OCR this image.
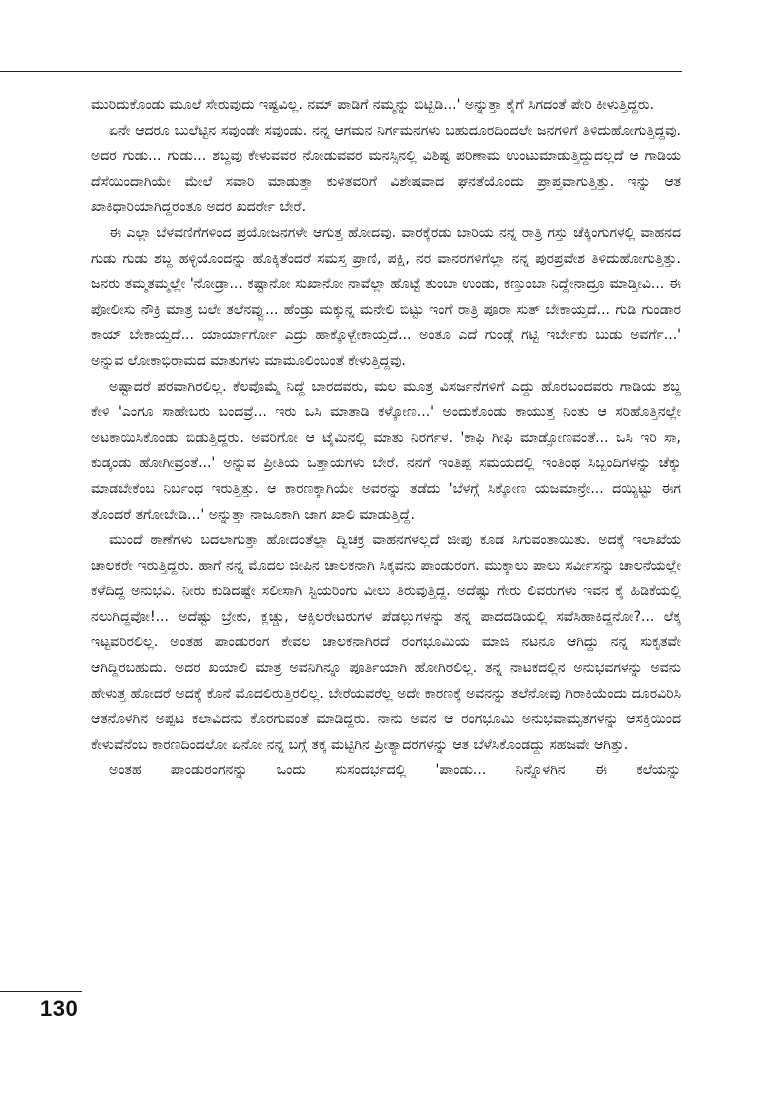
ಮುರಿದುಕೊಂಡು ಮೂಲೆ ಸೇರುವುದು ಇಷ್ಟವಿಲ್ಲ. ನಮ್ ಪಾಡಿಗೆ ನಮ್ಮನ್ನು ಬಿಟ್ಬಿಡಿ...' ಅನ್ನುತ್ತಾ ಕೈಗೆ ಸಿಗದಂತೆ ಪೇರಿ ಕೀಳುತ್ತಿದ್ದರು.

ಏನೇ ಆದರೂ ಬುಲೆಟ್ಟಿನ ಸವುಂಡೇ ಸವುಂಡು. ನನ್ನ ಆಗಮನ ನಿರ್ಗಮನಗಳು ಬಹುದೂರದಿಂದಲೇ ಜನಗಳಿಗೆ ತಿಳಿದುಹೋಗುತ್ತಿದ್ದವು. ಅದರ ಗುಡು... ಗುಡು... ಶಬ್ದವು ಕೇಳುವವರ ನೋಡುವವರ ಮನಸ್ಸಿನಲ್ಲಿ ವಿಶಿಷ್ಟ ಪರಿಣಾಮ ಉಂಟುಮಾಡುತ್ತಿದ್ದುದಲ್ಲದೆ ಆ ಗಾಡಿಯ ದೆಸೆಯಿಂದಾಗಿಯೇ ಮೇಲೆ ಸವಾರಿ ಮಾಡುತ್ತಾ ಕುಳಿತವರಿಗೆ ವಿಶೇಷವಾದ ಘನತೆಯೊಂದು ಪ್ರಾಪ್ತವಾಗುತ್ತಿತ್ತು. ಇನ್ನು ಆತ ಖಾಕಿಧಾರಿಯಾಗಿದ್ದರಂತೂ ಅದರ ಖದರ್ರೇ ಬೇರೆ.

ಈ ಎಲ್ಲಾ ಬೆಳವಣಿಗೆಗಳಿಂದ ಪ್ರಯೋಜನಗಳೇ ಆಗುತ್ತ ಹೋದವು. ವಾರಕ್ಕೆರಡು ಬಾರಿಯ ನನ್ನ ರಾತ್ರಿ ಗಸ್ತು ಚೆಕ್ಕಿಂಗುಗಳಲ್ಲಿ ವಾಹನದ ಗುಡು ಗುಡು ಶಬ್ದ ಹಳ್ಳಿಯೊಂದನ್ನು ಹೊಕ್ಕಿತೆಂದರೆ ಸಮಸ್ತ ಪ್ರಾಣಿ, ಪಕ್ಷಿ, ನರ ವಾನರಗಳಿಗೆಲ್ಲಾ ನನ್ನ ಪುರಪ್ರವೇಶ ತಿಳಿದುಹೋಗುತ್ತಿತ್ತು. ಜನರು ತಮ್ಮತಮ್ಮಲ್ಲೇ 'ನೋಡ್ರಾ... ಕಷ್ಟಾನೋ ಸುಖಾನೋ ನಾವೆಲ್ಲಾ ಹೊಟ್ಟೆ ತುಂಬಾ ಉಂಡು, ಕಣ್ತುಂಬಾ ನಿದ್ದೇನಾದ್ರೂ ಮಾಡ್ತೀವಿ... ಈ ಪೋಲೀಸು ನೌಕ್ರಿ ಮಾತ್ರ ಬಲೇ ತಲೆನವ್ವು... ಹೆಂಡ್ರು ಮಕ್ಕುನ್ನ ಮನೇಲಿ ಬಿಟ್ಟು ಇಂಗೆ ರಾತ್ರಿ ಪೂರಾ ಸುತ್ ಬೇಕಾಯ್ತದೆ... ಗುಡಿ ಗುಂಡಾರ ಕಾಯ್ ಬೇಕಾಯ್ತದೆ... ಯಾರ್ಯಾರ್ಗೋ ಎದ್ರು ಹಾಕ್ಕೊಳ್ಬೇಕಾಯ್ತದೆ... ಅಂತೂ ಎದೆ ಗುಂಡ್ಗೆ ಗಟ್ಟಿ ಇರ್ಬೇಕು ಬುಡು ಅವರ್ಗೆ...' ಅನ್ನುವ ಲೋಕಾಭಿರಾಮದ ಮಾತುಗಳು ಮಾಮೂಲಿಂಬಂತೆ ಕೇಳುತ್ತಿದ್ದವು.

ಅಷ್ಟಾದರೆ ಪರವಾಗಿರಲಿಲ್ಲ. ಕೆಲವೊಮ್ಮೆ ನಿದ್ದೆ ಬಾರದವರು, ಮಲ ಮೂತ್ರ ವಿಸರ್ಜನೆಗಳಿಗೆ ಎದ್ದು ಹೊರಬಂದವರು ಗಾಡಿಯ ಶಬ್ದ ಕೇಳಿ 'ಎಂಗೂ ಸಾಹೇಬರು ಬಂದವ್ರೆ... ಇರು ಒಸಿ ಮಾತಾಡಿ ಕಳ್ಕೋಣ...' ಅಂದುಕೊಂಡು ಕಾಯುತ್ತ ನಿಂತು ಆ ಸರಿಹೊತ್ತಿನಲ್ಲೇ ಅಟಕಾಯಿಸಿಕೊಂಡು ಬಿಡುತ್ತಿದ್ದರು. ಅವರಿಗೋ ಆ ಟೈಮಿನಲ್ಲಿ ಮಾತು ನಿರರ್ಗಳ. 'ಕಾಫಿ ಗೀಫಿ ಮಾಡ್ಸೋಣವಂತೆ... ಒಸಿ ಇರಿ ಸಾ, ಕುಡ್ಕಂಡು ಹೋಗೀವ್ರಂತೆ...' ಅನ್ನುವ ಪ್ರೀತಿಯ ಒತ್ತಾಯಗಳು ಬೇರೆ. ನನಗೆ ಇಂತಿಪ್ಪ ಸಮಯದಲ್ಲಿ ಇಂತಿಂಥ ಸಿಬ್ಬಂದಿಗಳನ್ನು ಚೆಕ್ಕು ಮಾಡಬೇಕೆಂಬ ನಿರ್ಬಂಧ ಇರುತ್ತಿತ್ತು. ಆ ಕಾರಣಕ್ಕಾಗಿಯೇ ಅವರನ್ನು ತಡೆದು 'ಬೆಳಗ್ಗೆ ಸಿಕ್ಕೋಣ ಯಜಮಾನ್ರೇ... ದಯ್ಯಿಟ್ಟು ಈಗ ತೊಂದರೆ ತಗೋಬೇಡಿ...' ಅನ್ನುತ್ತಾ ನಾಜೂಕಾಗಿ ಜಾಗ ಖಾಲಿ ಮಾಡುತ್ತಿದ್ದೆ.

ಮುಂದೆ ಠಾಣೆಗಳು ಬದಲಾಗುತ್ತಾ ಹೋದಂತೆಲ್ಲಾ ದ್ವಿಚಕ್ರ ವಾಹನಗಳಲ್ಲದೆ ಜೀಪು ಕೂಡ ಸಿಗುವಂತಾಯಿತು. ಅದಕ್ಕೆ ಇಲಾಖೆಯ ಚಾಲಕರೇ ಇರುತ್ತಿದ್ದರು. ಹಾಗೆ ನನ್ನ ಮೊದಲ ಜೀಪಿನ ಚಾಲಕನಾಗಿ ಸಿಕ್ಕವನು ಪಾಂಡುರಂಗ. ಮುಕ್ಕಾಲು ಪಾಲು ಸರ್ವೀಸನ್ನು ಚಾಲನೆಯಲ್ಲೇ ಕಳೆದಿದ್ದ ಅನುಭವಿ. ನೀರು ಕುಡಿದಷ್ಟೇ ಸಲೀಸಾಗಿ ಸ್ಟಿಯರಿಂಗು ವೀಲು ತಿರುವುತ್ತಿದ್ದ. ಅದೆಷ್ಟು ಗೇರು ಲಿವರುಗಳು ಇವನ ಕೈ ಹಿಡಿಕೆಯಲ್ಲಿ ನಲುಗಿದ್ದವೋ!... ಅದೆಷ್ಟು ಬ್ರೇಕು, ಕ್ಲಚ್ಚು, ಆಕ್ಸಿಲರೇಟರುಗಳ ಪೆಡಲ್ಲುಗಳನ್ನು ತನ್ನ ಪಾದದಡಿಯಲ್ಲಿ ಸವೆಸಿಹಾಕಿದ್ದನೋ?... ಲೆಕ್ಕ ಇಟ್ಟವರಿರಲಿಲ್ಲ. ಅಂತಹ ಪಾಂಡುರಂಗ ಕೇವಲ ಚಾಲಕನಾಗಿರದೆ ರಂಗಭೂಮಿಯ ಮಾಜಿ ನಟನೂ ಆಗಿದ್ದು ನನ್ನ ಸುಕೃತವೇ ಆಗಿದ್ದಿರಬಹುದು. ಅದರ ಖಯಾಲಿ ಮಾತ್ರ ಅವನಿಗಿನ್ನೂ ಪೂರ್ತಿಯಾಗಿ ಹೋಗಿರಲಿಲ್ಲ. ತನ್ನ ನಾಟಕದಲ್ಲಿನ ಅನುಭವಗಳನ್ನು ಅವನು ಹೇಳುತ್ತ ಹೋದರೆ ಅದಕ್ಕೆ ಕೊನೆ ಮೊದಲಿರುತ್ತಿರಲಿಲ್ಲ. ಬೇರೆಯವರೆಲ್ಲ ಅದೇ ಕಾರಣಕ್ಕೆ ಅವನನ್ನು ತಲೆನೋವು ಗಿರಾಕಿಯೆಂದು ದೂರವಿರಿಸಿ ಆತನೊಳಗಿನ ಅಪ್ಪಟ ಕಲಾವಿದನು ಕೊರಗುವಂತೆ ಮಾಡಿದ್ದರು. ನಾನು ಅವನ ಆ ರಂಗಭೂಮಿ ಅನುಭವಾಮೃತಗಳನ್ನು ಆಸಕ್ತಿಯಿಂದ ಕೇಳುವೆನೆಂಬ ಕಾರಣದಿಂದಲೋ ಏನೋ ನನ್ನ ಬಗ್ಗೆ ತಕ್ಕ ಮಟ್ಟಿಗಿನ ಪ್ರೀತ್ಯಾದರಗಳನ್ನು ಆತ ಬೆಳೆಸಿಕೊಂಡದ್ದು ಸಹಜವೇ ಆಗಿತ್ತು.

ಅಂತಹ ಪಾಂಡುರಂಗನನ್ನು ಒಂದು ಸುಸಂದರ್ಭದಲ್ಲಿ 'ಪಾಂಡು... ನಿನ್ನೊಳಗಿನ ಈ ಕಲೆಯನ್ನು

130
